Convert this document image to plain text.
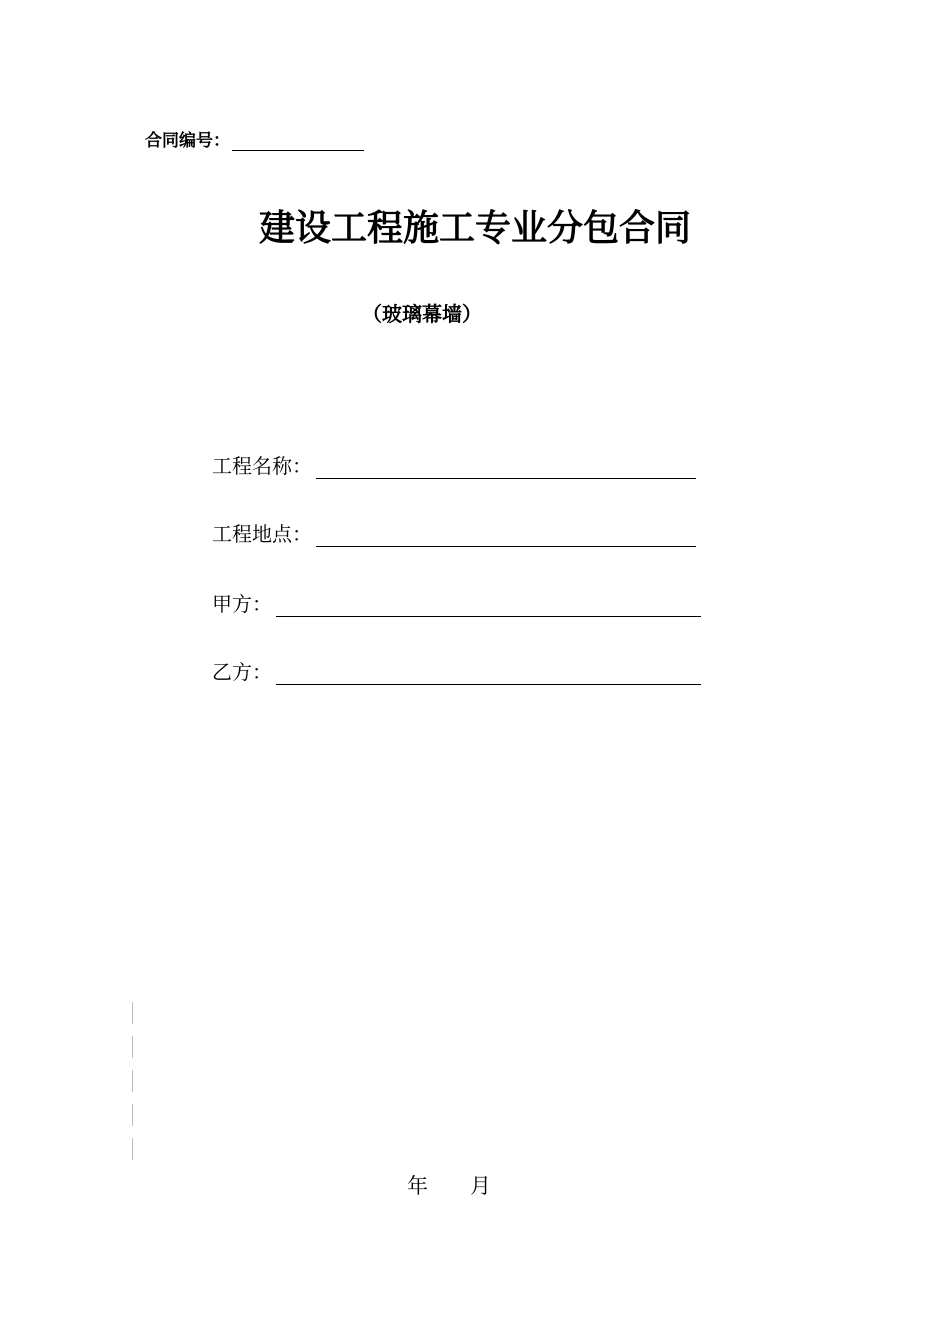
合同编号：
建设工程施工专业分包合同
（玻璃幕墙）
工程名称：
工程地点：
甲方：
乙方：
年 月
